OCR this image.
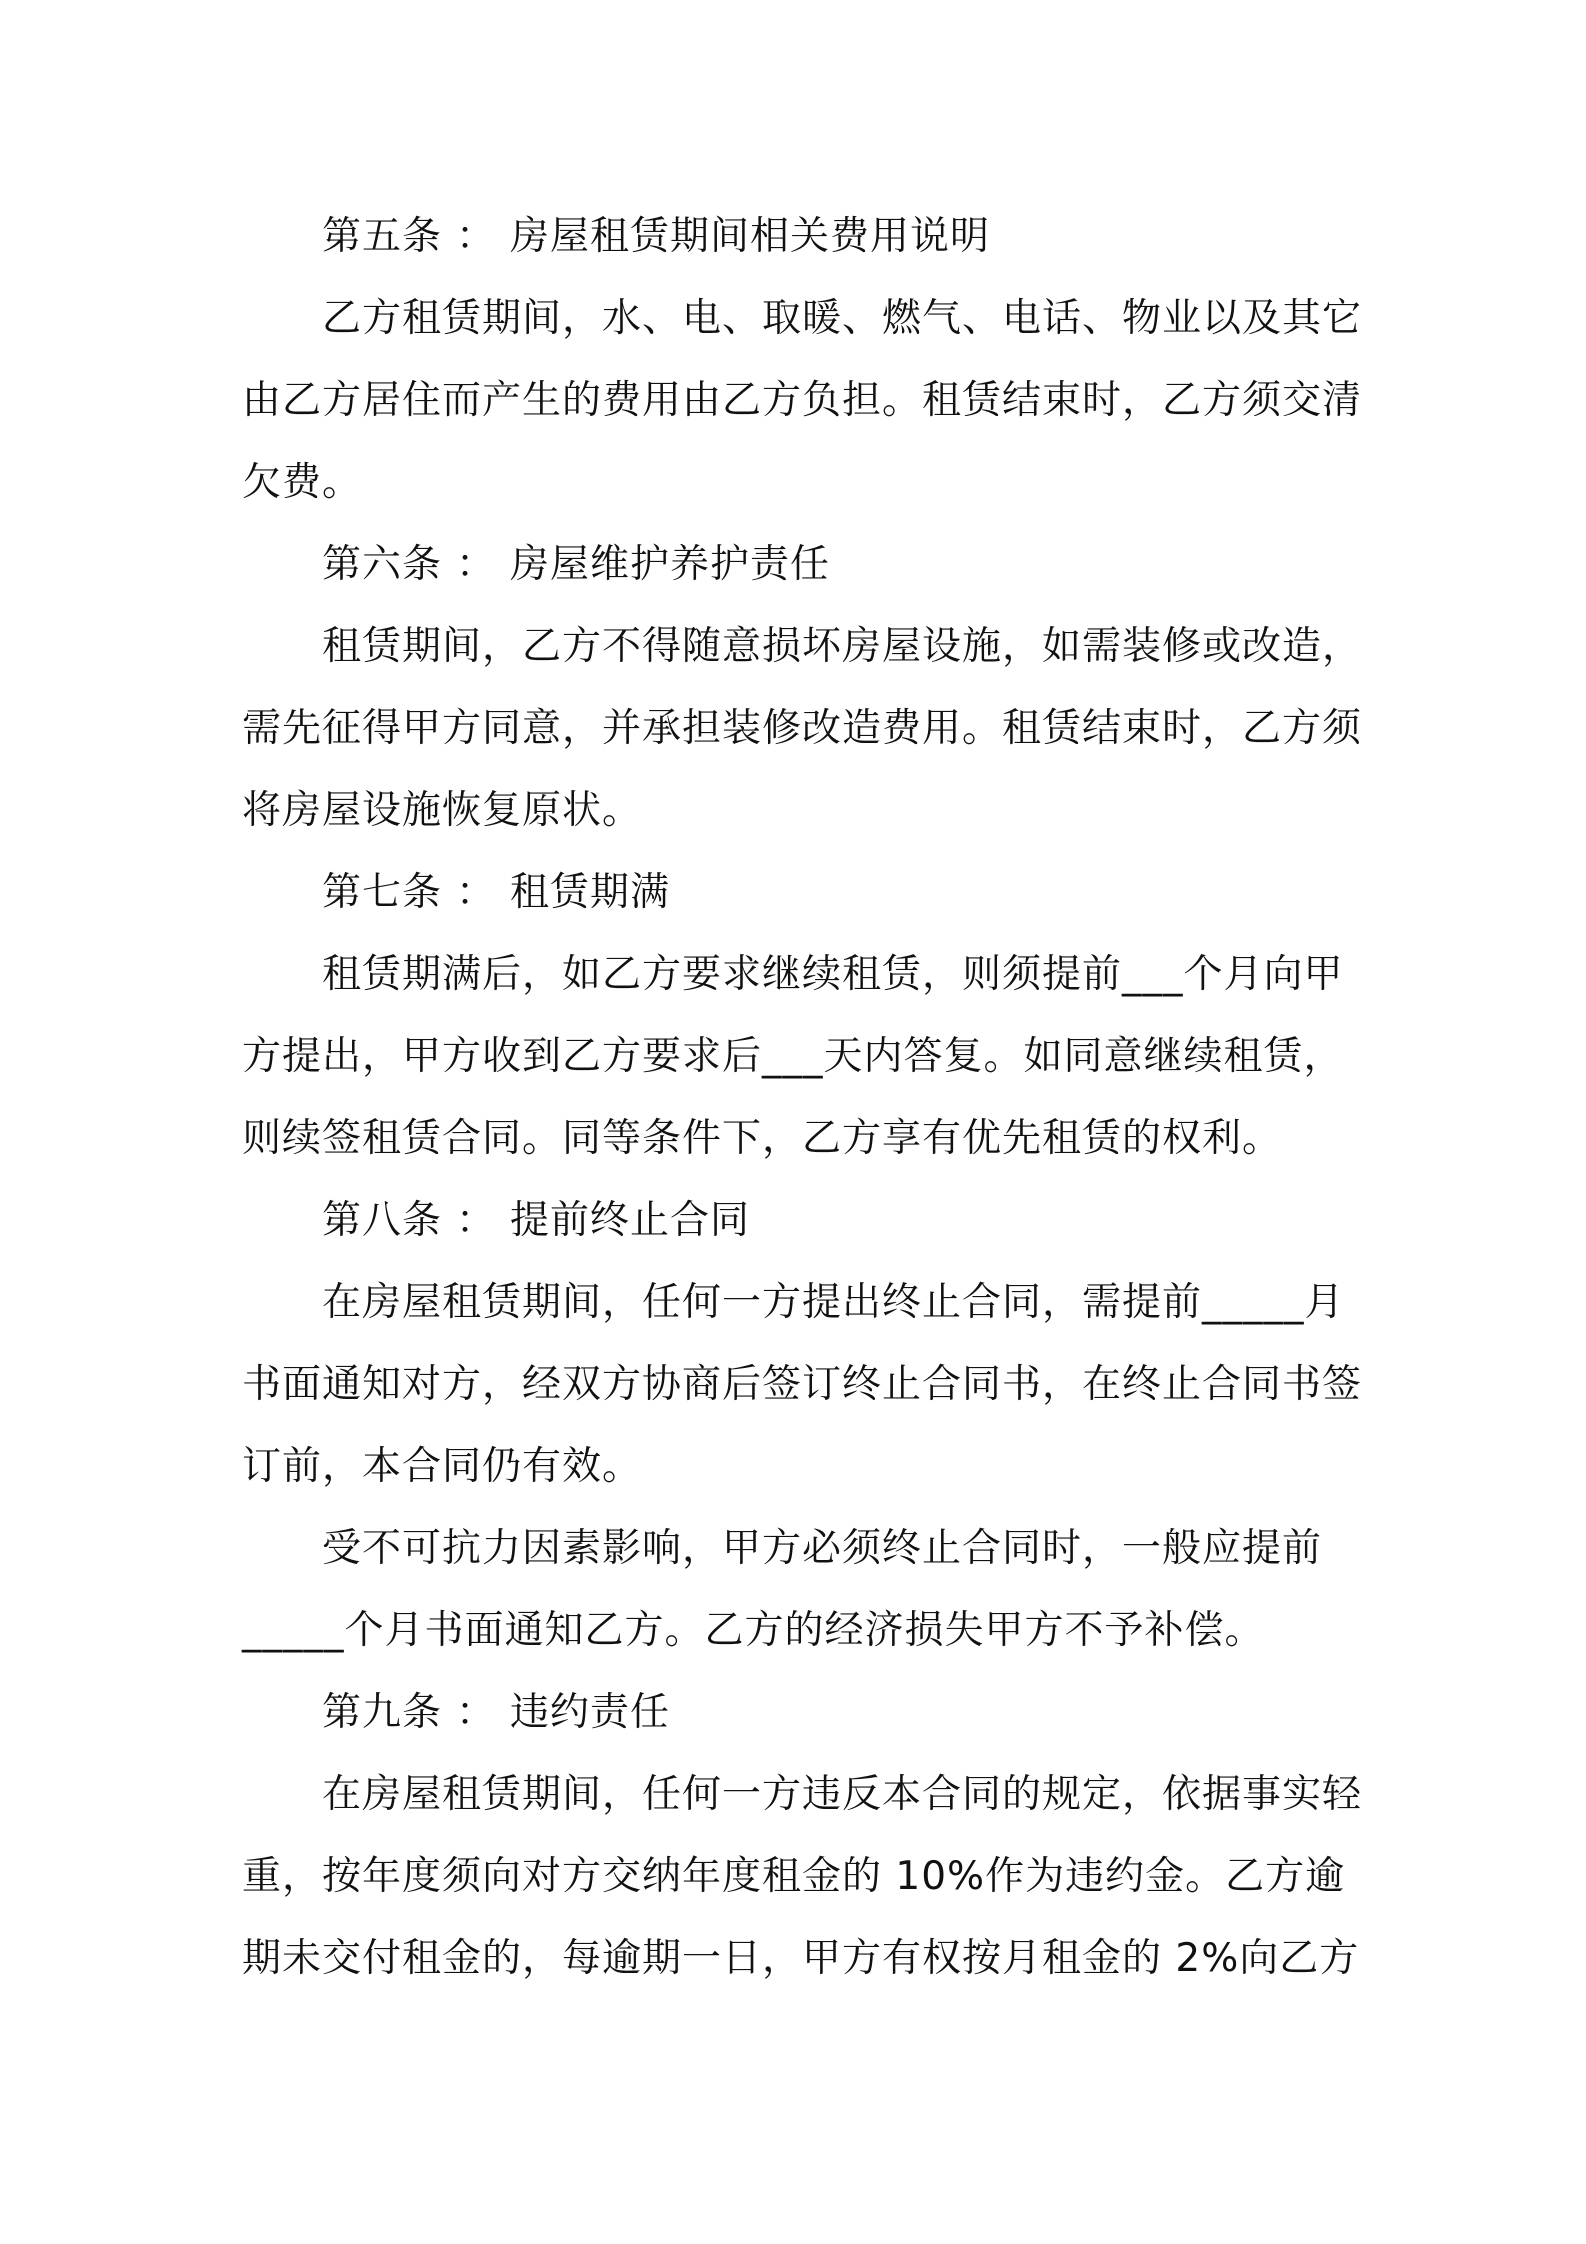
第五条 ： 房屋租赁期间相关费用说明
乙方租赁期间，水、电、取暖、燃气、电话、物业以及其它
由乙方居住而产生的费用由乙方负担。租赁结束时，乙方须交清
欠费。
第六条 ： 房屋维护养护责任
租赁期间，乙方不得随意损坏房屋设施，如需装修或改造，
需先征得甲方同意，并承担装修改造费用。租赁结束时，乙方须
将房屋设施恢复原状。
第七条 ： 租赁期满
租赁期满后，如乙方要求继续租赁，则须提前___个月向甲
方提出，甲方收到乙方要求后___天内答复。如同意继续租赁，
则续签租赁合同。同等条件下，乙方享有优先租赁的权利。
第八条 ： 提前终止合同
在房屋租赁期间，任何一方提出终止合同，需提前_____月
书面通知对方，经双方协商后签订终止合同书，在终止合同书签
订前，本合同仍有效。
受不可抗力因素影响，甲方必须终止合同时，一般应提前
_____个月书面通知乙方。乙方的经济损失甲方不予补偿。
第九条 ： 违约责任
在房屋租赁期间，任何一方违反本合同的规定，依据事实轻
重，按年度须向对方交纳年度租金的 10%作为违约金。乙方逾
期未交付租金的，每逾期一日，甲方有权按月租金的 2%向乙方
